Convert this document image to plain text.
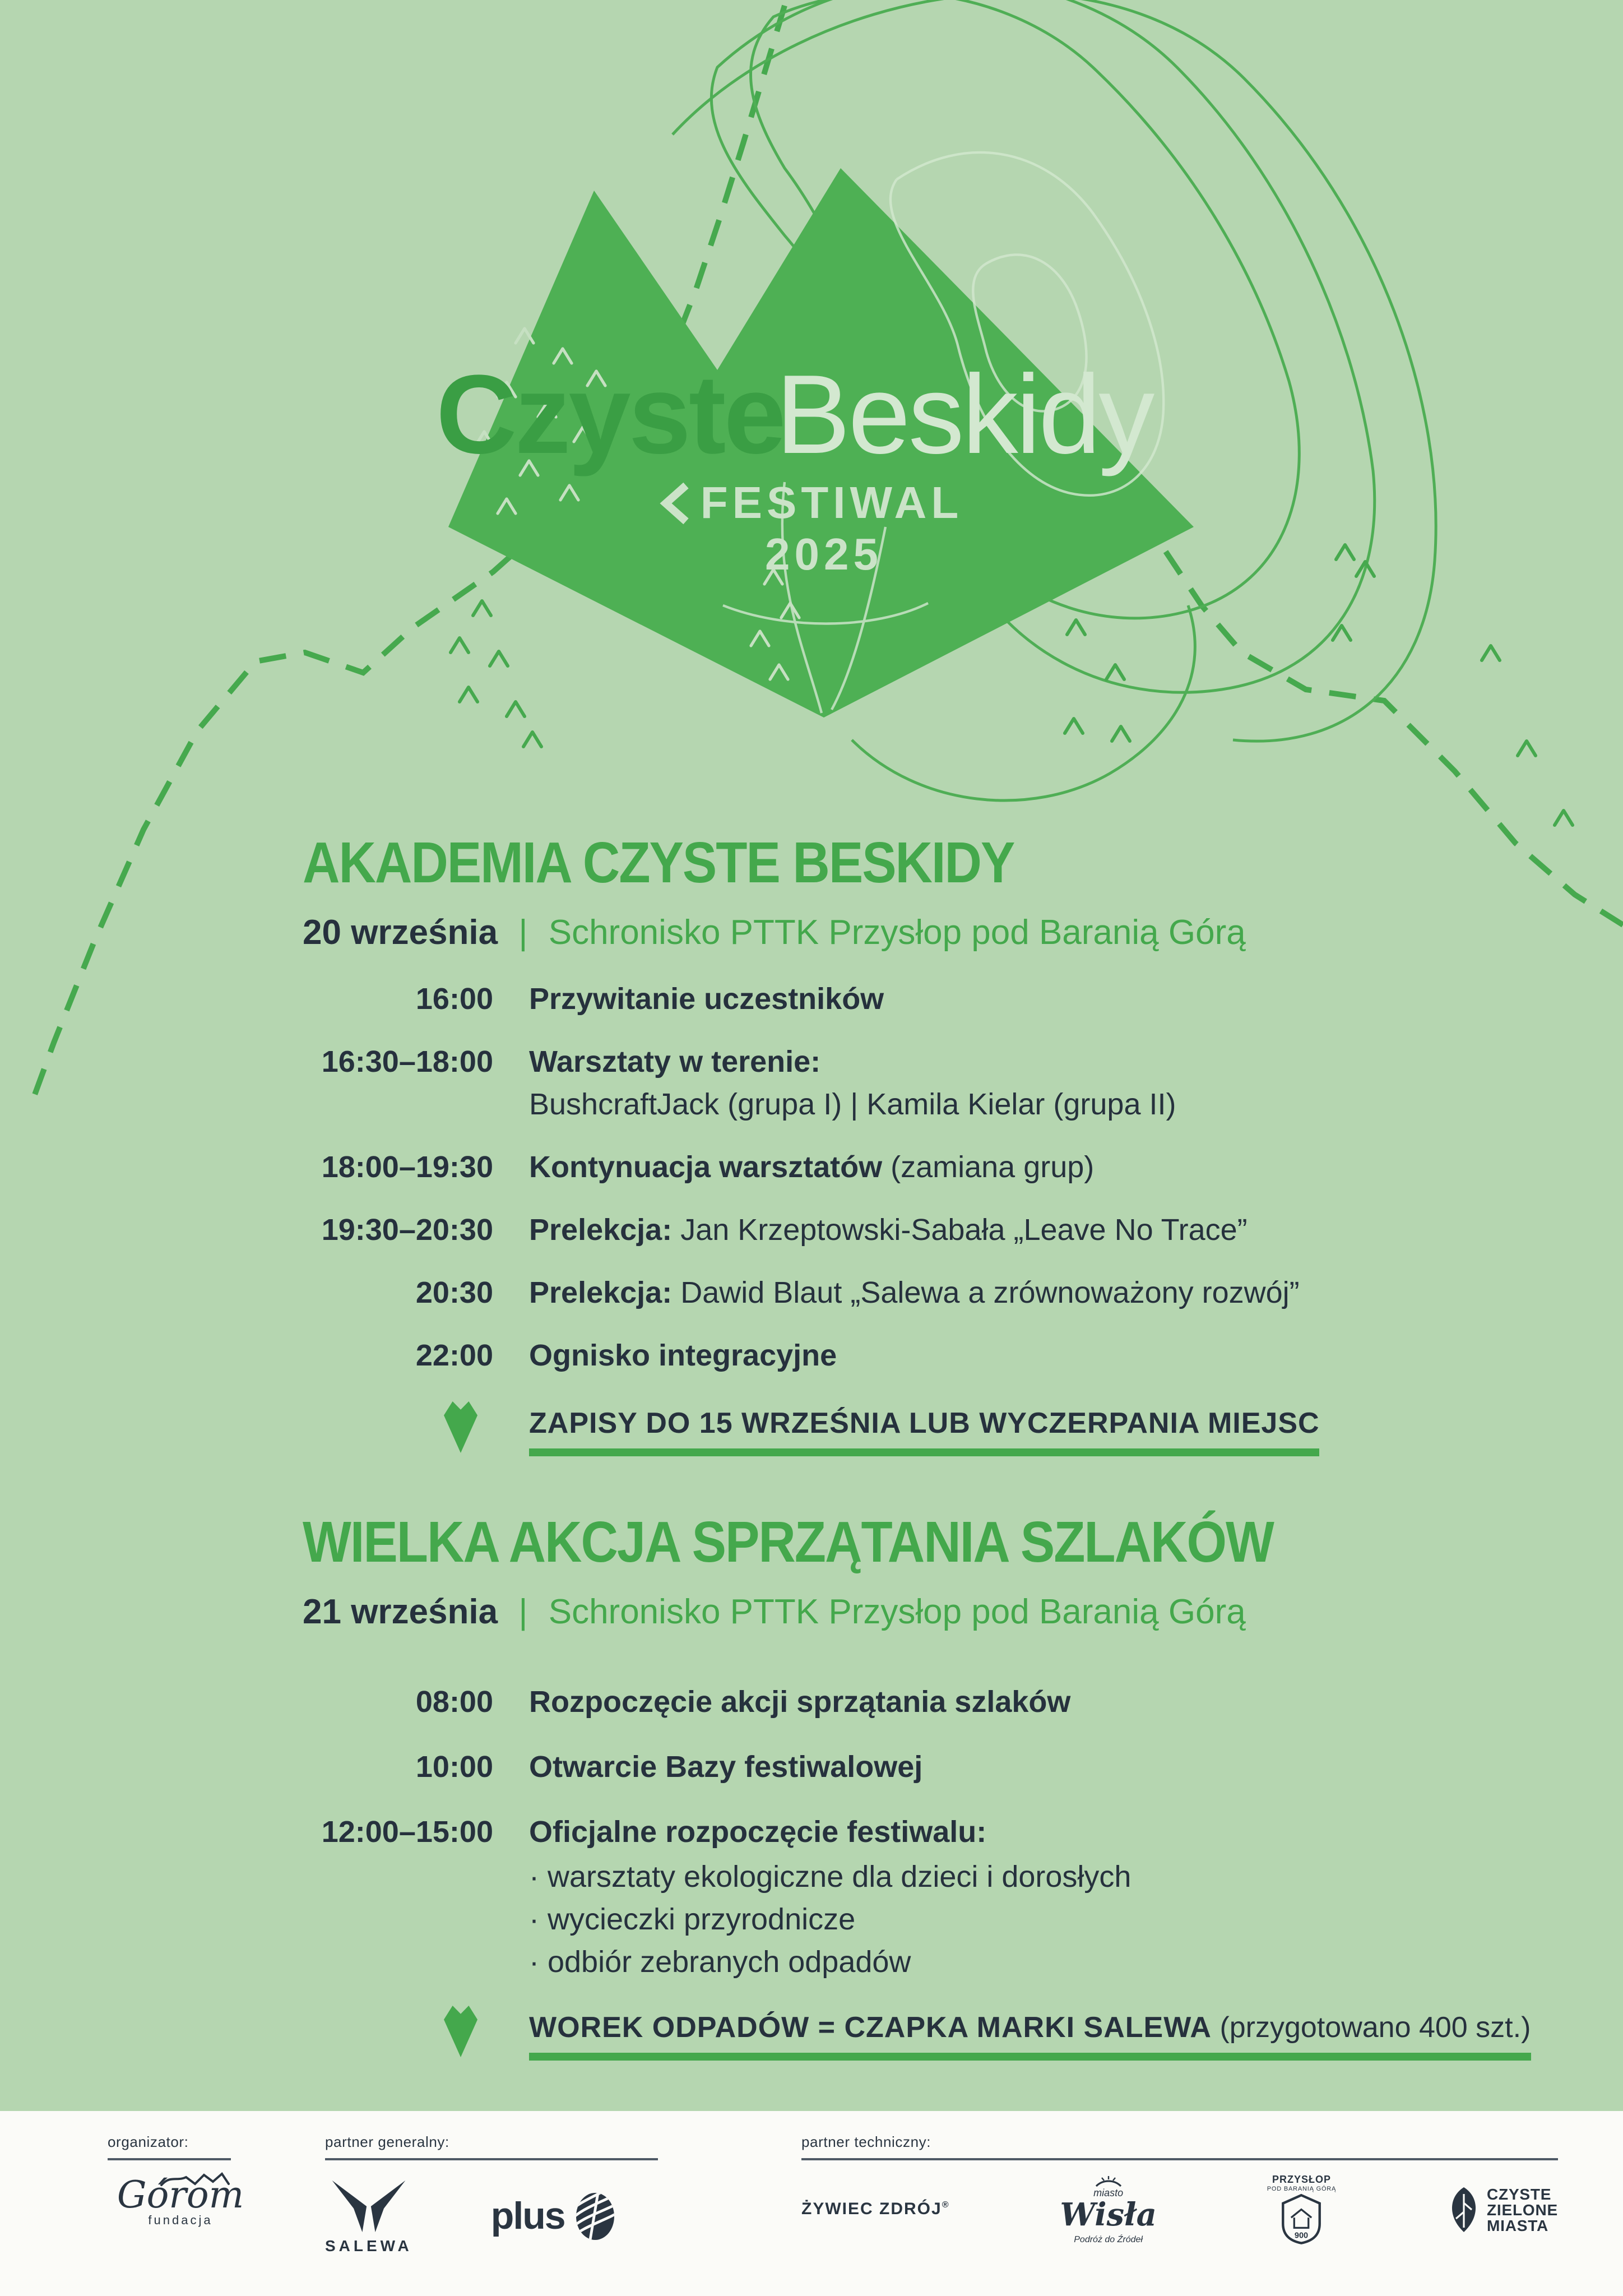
Czyste
Beskidy
FESTIWAL
2025
AKADEMIA CZYSTE BESKIDY
20 września | Schronisko PTTK Przysłop pod Baranią Górą
16:00 Przywitanie uczestników
16:30–18:00 Warsztaty w terenie:
BushcraftJack (grupa I) | Kamila Kielar (grupa II)
18:00–19:30 Kontynuacja warsztatów (zamiana grup)
19:30–20:30 Prelekcja: Jan Krzeptowski-Sabała „Leave No Trace”
20:30 Prelekcja: Dawid Blaut „Salewa a zrównoważony rozwój”
22:00 Ognisko integracyjne
ZAPISY DO 15 WRZEŚNIA LUB WYCZERPANIA MIEJSC
WIELKA AKCJA SPRZĄTANIA SZLAKÓW
21 września | Schronisko PTTK Przysłop pod Baranią Górą
08:00 Rozpoczęcie akcji sprzątania szlaków
10:00 Otwarcie Bazy festiwalowej
12:00–15:00 Oficjalne rozpoczęcie festiwalu:
· warsztaty ekologiczne dla dzieci i dorosłych
· wycieczki przyrodnicze
· odbiór zebranych odpadów
WOREK ODPADÓW = CZAPKA MARKI SALEWA (przygotowano 400 szt.)
organizator:
Górom
fundacja
partner generalny:
SALEWA
plus
partner techniczny:
ŻYWIEC ZDRÓJ®
miasto
Wisła
Podróż do Źródeł
PRZYSŁOP
POD BARANIĄ GÓRĄ
900
CZYSTE
ZIELONE
MIASTA
